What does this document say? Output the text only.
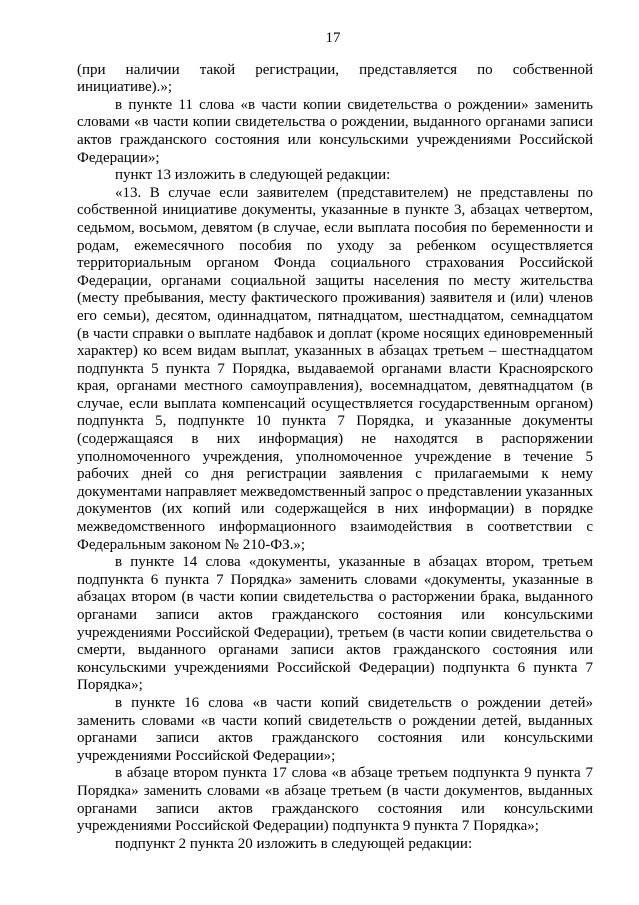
17

(при наличии такой регистрации, представляется по собственной инициативе).»;

в пункте 11 слова «в части копии свидетельства о рождении» заменить словами «в части копии свидетельства о рождении, выданного органами записи актов гражданского состояния или консульскими учреждениями Российской Федерации»;

пункт 13 изложить в следующей редакции:

«13. В случае если заявителем (представителем) не представлены по собственной инициативе документы, указанные в пункте 3, абзацах четвертом, седьмом, восьмом, девятом (в случае, если выплата пособия по беременности и родам, ежемесячного пособия по уходу за ребенком осуществляется территориальным органом Фонда социального страхования Российской Федерации, органами социальной защиты населения по месту жительства (месту пребывания, месту фактического проживания) заявителя и (или) членов его семьи), десятом, одиннадцатом, пятнадцатом, шестнадцатом, семнадцатом (в части справки о выплате надбавок и доплат (кроме носящих единовременный характер) ко всем видам выплат, указанных в абзацах третьем – шестнадцатом подпункта 5 пункта 7 Порядка, выдаваемой органами власти Красноярского края, органами местного самоуправления), восемнадцатом, девятнадцатом (в случае, если выплата компенсаций осуществляется государственным органом) подпункта 5, подпункте 10 пункта 7 Порядка, и указанные документы (содержащаяся в них информация) не находятся в распоряжении уполномоченного учреждения, уполномоченное учреждение в течение 5 рабочих дней со дня регистрации заявления с прилагаемыми к нему документами направляет межведомственный запрос о представлении указанных документов (их копий или содержащейся в них информации) в порядке межведомственного информационного взаимодействия в соответствии с Федеральным законом № 210-ФЗ.»;

в пункте 14 слова «документы, указанные в абзацах втором, третьем подпункта 6 пункта 7 Порядка» заменить словами «документы, указанные в абзацах втором (в части копии свидетельства о расторжении брака, выданного органами записи актов гражданского состояния или консульскими учреждениями Российской Федерации), третьем (в части копии свидетельства о смерти, выданного органами записи актов гражданского состояния или консульскими учреждениями Российской Федерации) подпункта 6 пункта 7 Порядка»;

в пункте 16 слова «в части копий свидетельств о рождении детей» заменить словами «в части копий свидетельств о рождении детей, выданных органами записи актов гражданского состояния или консульскими учреждениями Российской Федерации»;

в абзаце втором пункта 17 слова «в абзаце третьем подпункта 9 пункта 7 Порядка» заменить словами «в абзаце третьем (в части документов, выданных органами записи актов гражданского состояния или консульскими учреждениями Российской Федерации) подпункта 9 пункта 7 Порядка»;

подпункт 2 пункта 20 изложить в следующей редакции:
